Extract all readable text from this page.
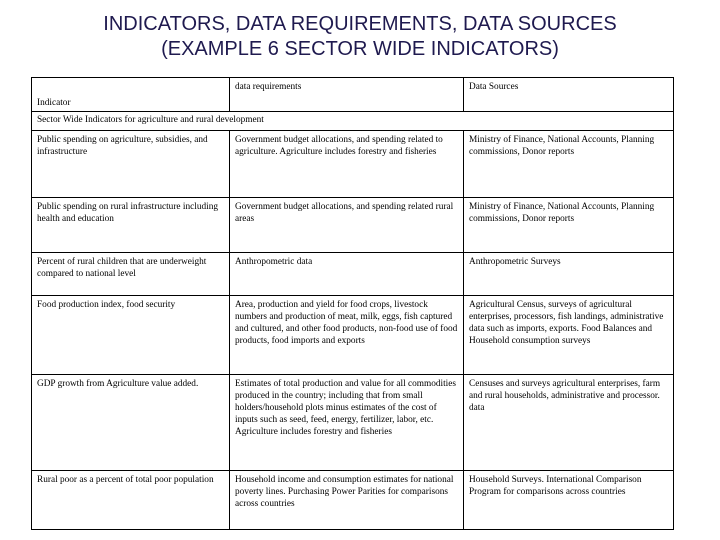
INDICATORS, DATA REQUIREMENTS, DATA SOURCES
(EXAMPLE 6 SECTOR WIDE INDICATORS)
Indicator	data requirements	Data Sources
Sector Wide Indicators for agriculture and rural development		
Public spending on agriculture, subsidies, and infrastructure	Government budget allocations, and spending related to agriculture. Agriculture includes forestry and fisheries	Ministry of Finance, National Accounts, Planning commissions, Donor reports
Public spending on rural infrastructure including health and education	Government budget allocations, and spending related rural areas	Ministry of Finance, National Accounts, Planning commissions, Donor reports
Percent of rural children that are underweight compared to national level	Anthropometric data	Anthropometric Surveys
Food production index, food security	Area, production and yield for food crops, livestock numbers and production of meat, milk, eggs, fish captured and cultured, and other food products, non-food use of food products, food imports and exports	Agricultural Census, surveys of agricultural enterprises, processors, fish landings, administrative data such as imports, exports. Food Balances and Household consumption surveys
GDP growth from Agriculture value added.	Estimates of total production and value for all commodities produced in the country; including that from small holders/household plots minus estimates of the cost of inputs such as seed, feed, energy, fertilizer, labor, etc. Agriculture includes forestry and fisheries	Censuses and surveys agricultural enterprises, farm and rural households, administrative and processor. data
Rural poor as a percent of total poor population	Household income and consumption estimates for national poverty lines. Purchasing Power Parities for comparisons across countries	Household Surveys. International Comparison Program for comparisons across countries
